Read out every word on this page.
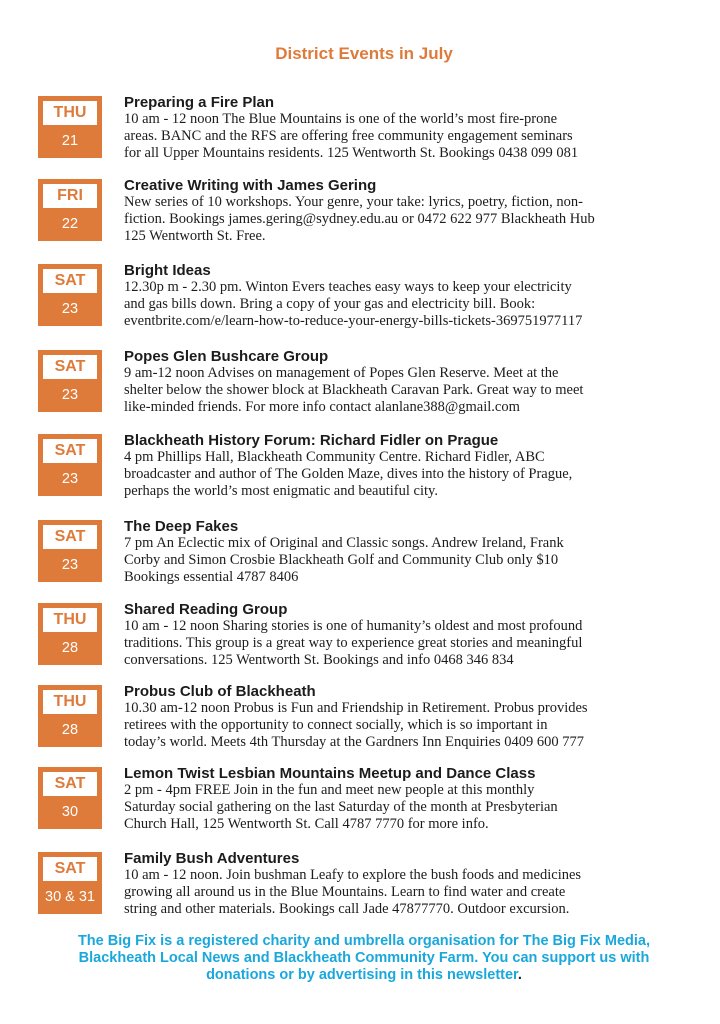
District Events in July
THU
21

Preparing a Fire Plan

10 am - 12 noon The Blue Mountains is one of the world’s most fire-prone
areas. BANC and the RFS are offering free community engagement seminars
for all Upper Mountains residents. 125 Wentworth St. Bookings 0438 099 081

FRI
22

Creative Writing with James Gering

New series of 10 workshops. Your genre, your take: lyrics, poetry, fiction, non-
fiction. Bookings james.gering@sydney.edu.au or 0472 622 977 Blackheath Hub
125 Wentworth St. Free.

SAT
23

Bright Ideas

12.30p m - 2.30 pm. Winton Evers teaches easy ways to keep your electricity
and gas bills down. Bring a copy of your gas and electricity bill. Book:
eventbrite.com/e/learn-how-to-reduce-your-energy-bills-tickets-369751977117

SAT
23

Popes Glen Bushcare Group

9 am-12 noon Advises on management of Popes Glen Reserve. Meet at the
shelter below the shower block at Blackheath Caravan Park. Great way to meet
like-minded friends. For more info contact alanlane388@gmail.com

SAT
23

Blackheath History Forum: Richard Fidler on Prague

4 pm Phillips Hall, Blackheath Community Centre. Richard Fidler, ABC
broadcaster and author of The Golden Maze, dives into the history of Prague,
perhaps the world’s most enigmatic and beautiful city.

SAT
23

The Deep Fakes

7 pm An Eclectic mix of Original and Classic songs. Andrew Ireland, Frank
Corby and Simon Crosbie Blackheath Golf and Community Club only $10
Bookings essential 4787 8406

THU
28

Shared Reading Group

10 am - 12 noon Sharing stories is one of humanity’s oldest and most profound
traditions. This group is a great way to experience great stories and meaningful
conversations. 125 Wentworth St. Bookings and info 0468 346 834

THU
28

Probus Club of Blackheath

10.30 am-12 noon Probus is Fun and Friendship in Retirement. Probus provides
retirees with the opportunity to connect socially, which is so important in
today’s world. Meets 4th Thursday at the Gardners Inn Enquiries 0409 600 777

SAT
30

Lemon Twist Lesbian Mountains Meetup and Dance Class

2 pm - 4pm FREE Join in the fun and meet new people at this monthly
Saturday social gathering on the last Saturday of the month at Presbyterian
Church Hall, 125 Wentworth St. Call 4787 7770 for more info.

SAT
30 & 31

Family Bush Adventures

10 am - 12 noon. Join bushman Leafy to explore the bush foods and medicines
growing all around us in the Blue Mountains. Learn to find water and create
string and other materials. Bookings call Jade 47877770. Outdoor excursion.

The Big Fix is a registered charity and umbrella organisation for The Big Fix Media, Blackheath Local News and Blackheath Community Farm. You can support us with donations or by advertising in this newsletter.
